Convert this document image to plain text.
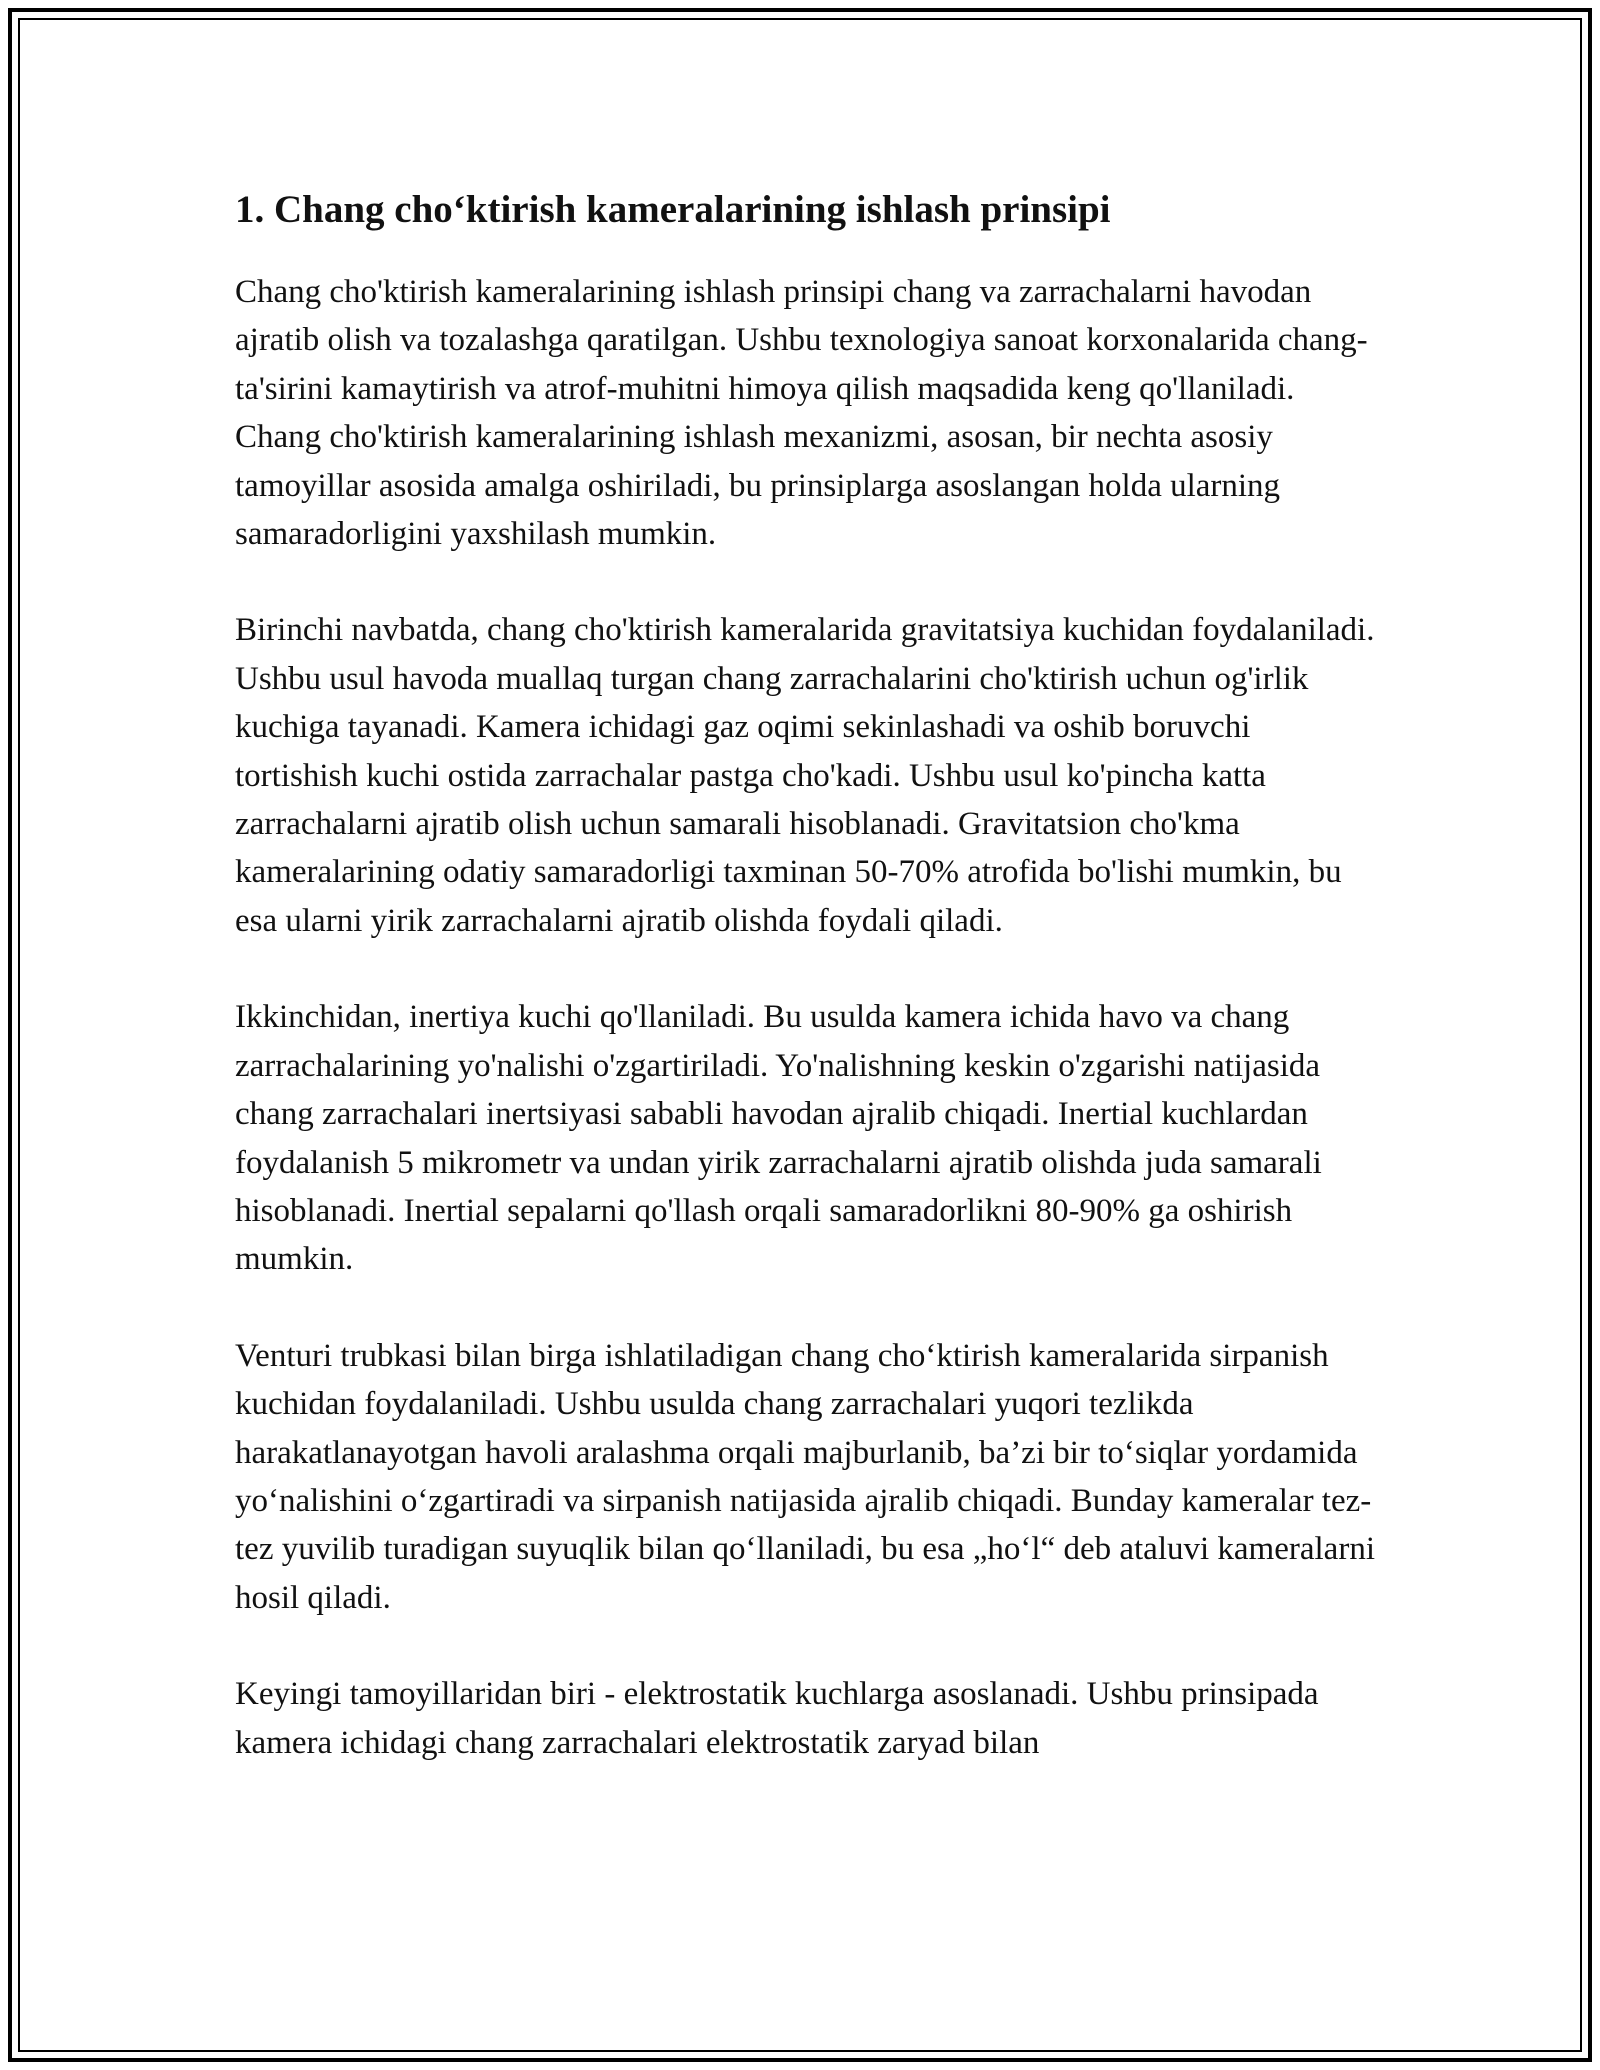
1. Chang cho‘ktirish kameralarining ishlash prinsipi

Chang cho'ktirish kameralarining ishlash prinsipi chang va zarrachalarni havodan ajratib olish va tozalashga qaratilgan. Ushbu texnologiya sanoat korxonalarida chang-ta'sirini kamaytirish va atrof-muhitni himoya qilish maqsadida keng qo'llaniladi. Chang cho'ktirish kameralarining ishlash mexanizmi, asosan, bir nechta asosiy tamoyillar asosida amalga oshiriladi, bu prinsiplarga asoslangan holda ularning samaradorligini yaxshilash mumkin.

Birinchi navbatda, chang cho'ktirish kameralarida gravitatsiya kuchidan foydalaniladi. Ushbu usul havoda muallaq turgan chang zarrachalarini cho'ktirish uchun og'irlik kuchiga tayanadi. Kamera ichidagi gaz oqimi sekinlashadi va oshib boruvchi tortishish kuchi ostida zarrachalar pastga cho'kadi. Ushbu usul ko'pincha katta zarrachalarni ajratib olish uchun samarali hisoblanadi. Gravitatsion cho'kma kameralarining odatiy samaradorligi taxminan 50-70% atrofida bo'lishi mumkin, bu esa ularni yirik zarrachalarni ajratib olishda foydali qiladi.

Ikkinchidan, inertiya kuchi qo'llaniladi. Bu usulda kamera ichida havo va chang zarrachalarining yo'nalishi o'zgartiriladi. Yo'nalishning keskin o'zgarishi natijasida chang zarrachalari inertsiyasi sababli havodan ajralib chiqadi. Inertial kuchlardan foydalanish 5 mikrometr va undan yirik zarrachalarni ajratib olishda juda samarali hisoblanadi. Inertial sepalarni qo'llash orqali samaradorlikni 80-90% ga oshirish mumkin.

Venturi trubkasi bilan birga ishlatiladigan chang cho‘ktirish kameralarida sirpanish kuchidan foydalaniladi. Ushbu usulda chang zarrachalari yuqori tezlikda harakatlanayotgan havoli aralashma orqali majburlanib, ba’zi bir to‘siqlar yordamida yo‘nalishini o‘zgartiradi va sirpanish natijasida ajralib chiqadi. Bunday kameralar tez-tez yuvilib turadigan suyuqlik bilan qo‘llaniladi, bu esa „ho‘l“ deb ataluvi kameralarni hosil qiladi.

Keyingi tamoyillaridan biri - elektrostatik kuchlarga asoslanadi. Ushbu prinsipada kamera ichidagi chang zarrachalari elektrostatik zaryad bilan
